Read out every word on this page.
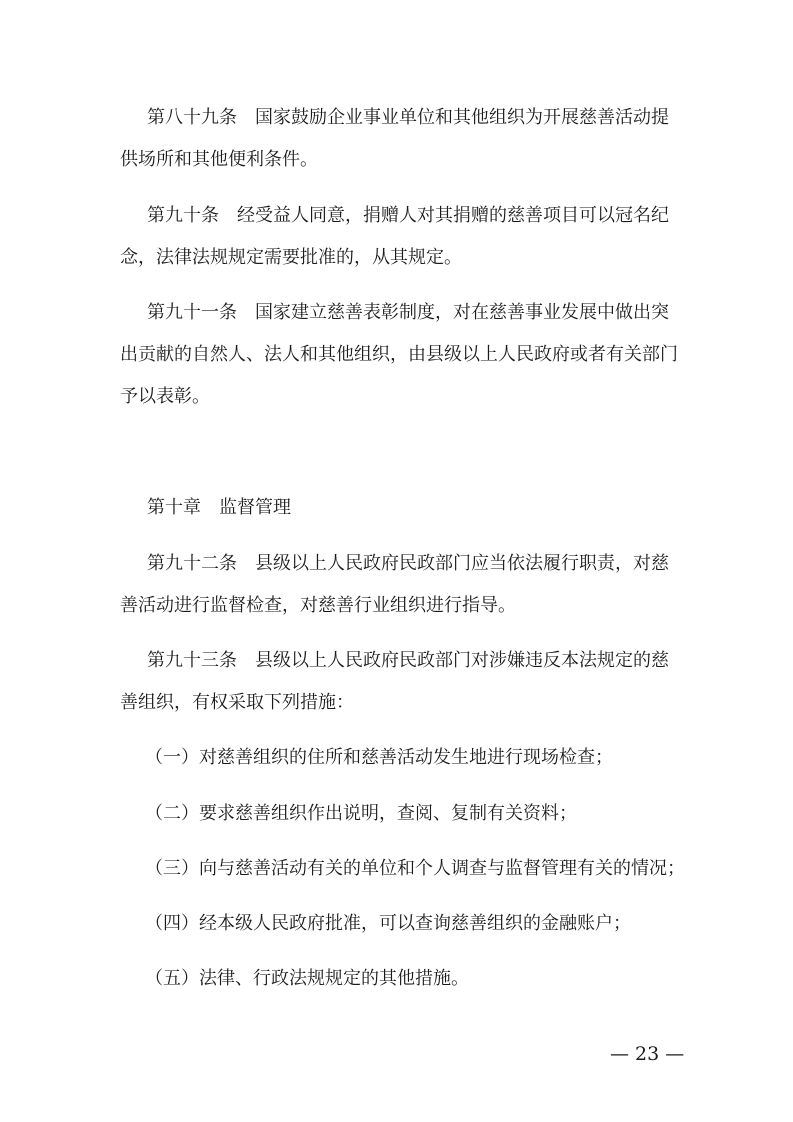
第八十九条 国家鼓励企业事业单位和其他组织为开展慈善活动提
供场所和其他便利条件。
第九十条 经受益人同意，捐赠人对其捐赠的慈善项目可以冠名纪
念，法律法规规定需要批准的，从其规定。
第九十一条 国家建立慈善表彰制度，对在慈善事业发展中做出突
出贡献的自然人、法人和其他组织，由县级以上人民政府或者有关部门
予以表彰。
第十章 监督管理
第九十二条 县级以上人民政府民政部门应当依法履行职责，对慈
善活动进行监督检查，对慈善行业组织进行指导。
第九十三条 县级以上人民政府民政部门对涉嫌违反本法规定的慈
善组织，有权采取下列措施：
（一）对慈善组织的住所和慈善活动发生地进行现场检查；
（二）要求慈善组织作出说明，查阅、复制有关资料；
（三）向与慈善活动有关的单位和个人调查与监督管理有关的情况；
（四）经本级人民政府批准，可以查询慈善组织的金融账户；
（五）法律、行政法规规定的其他措施。
— 23 —
